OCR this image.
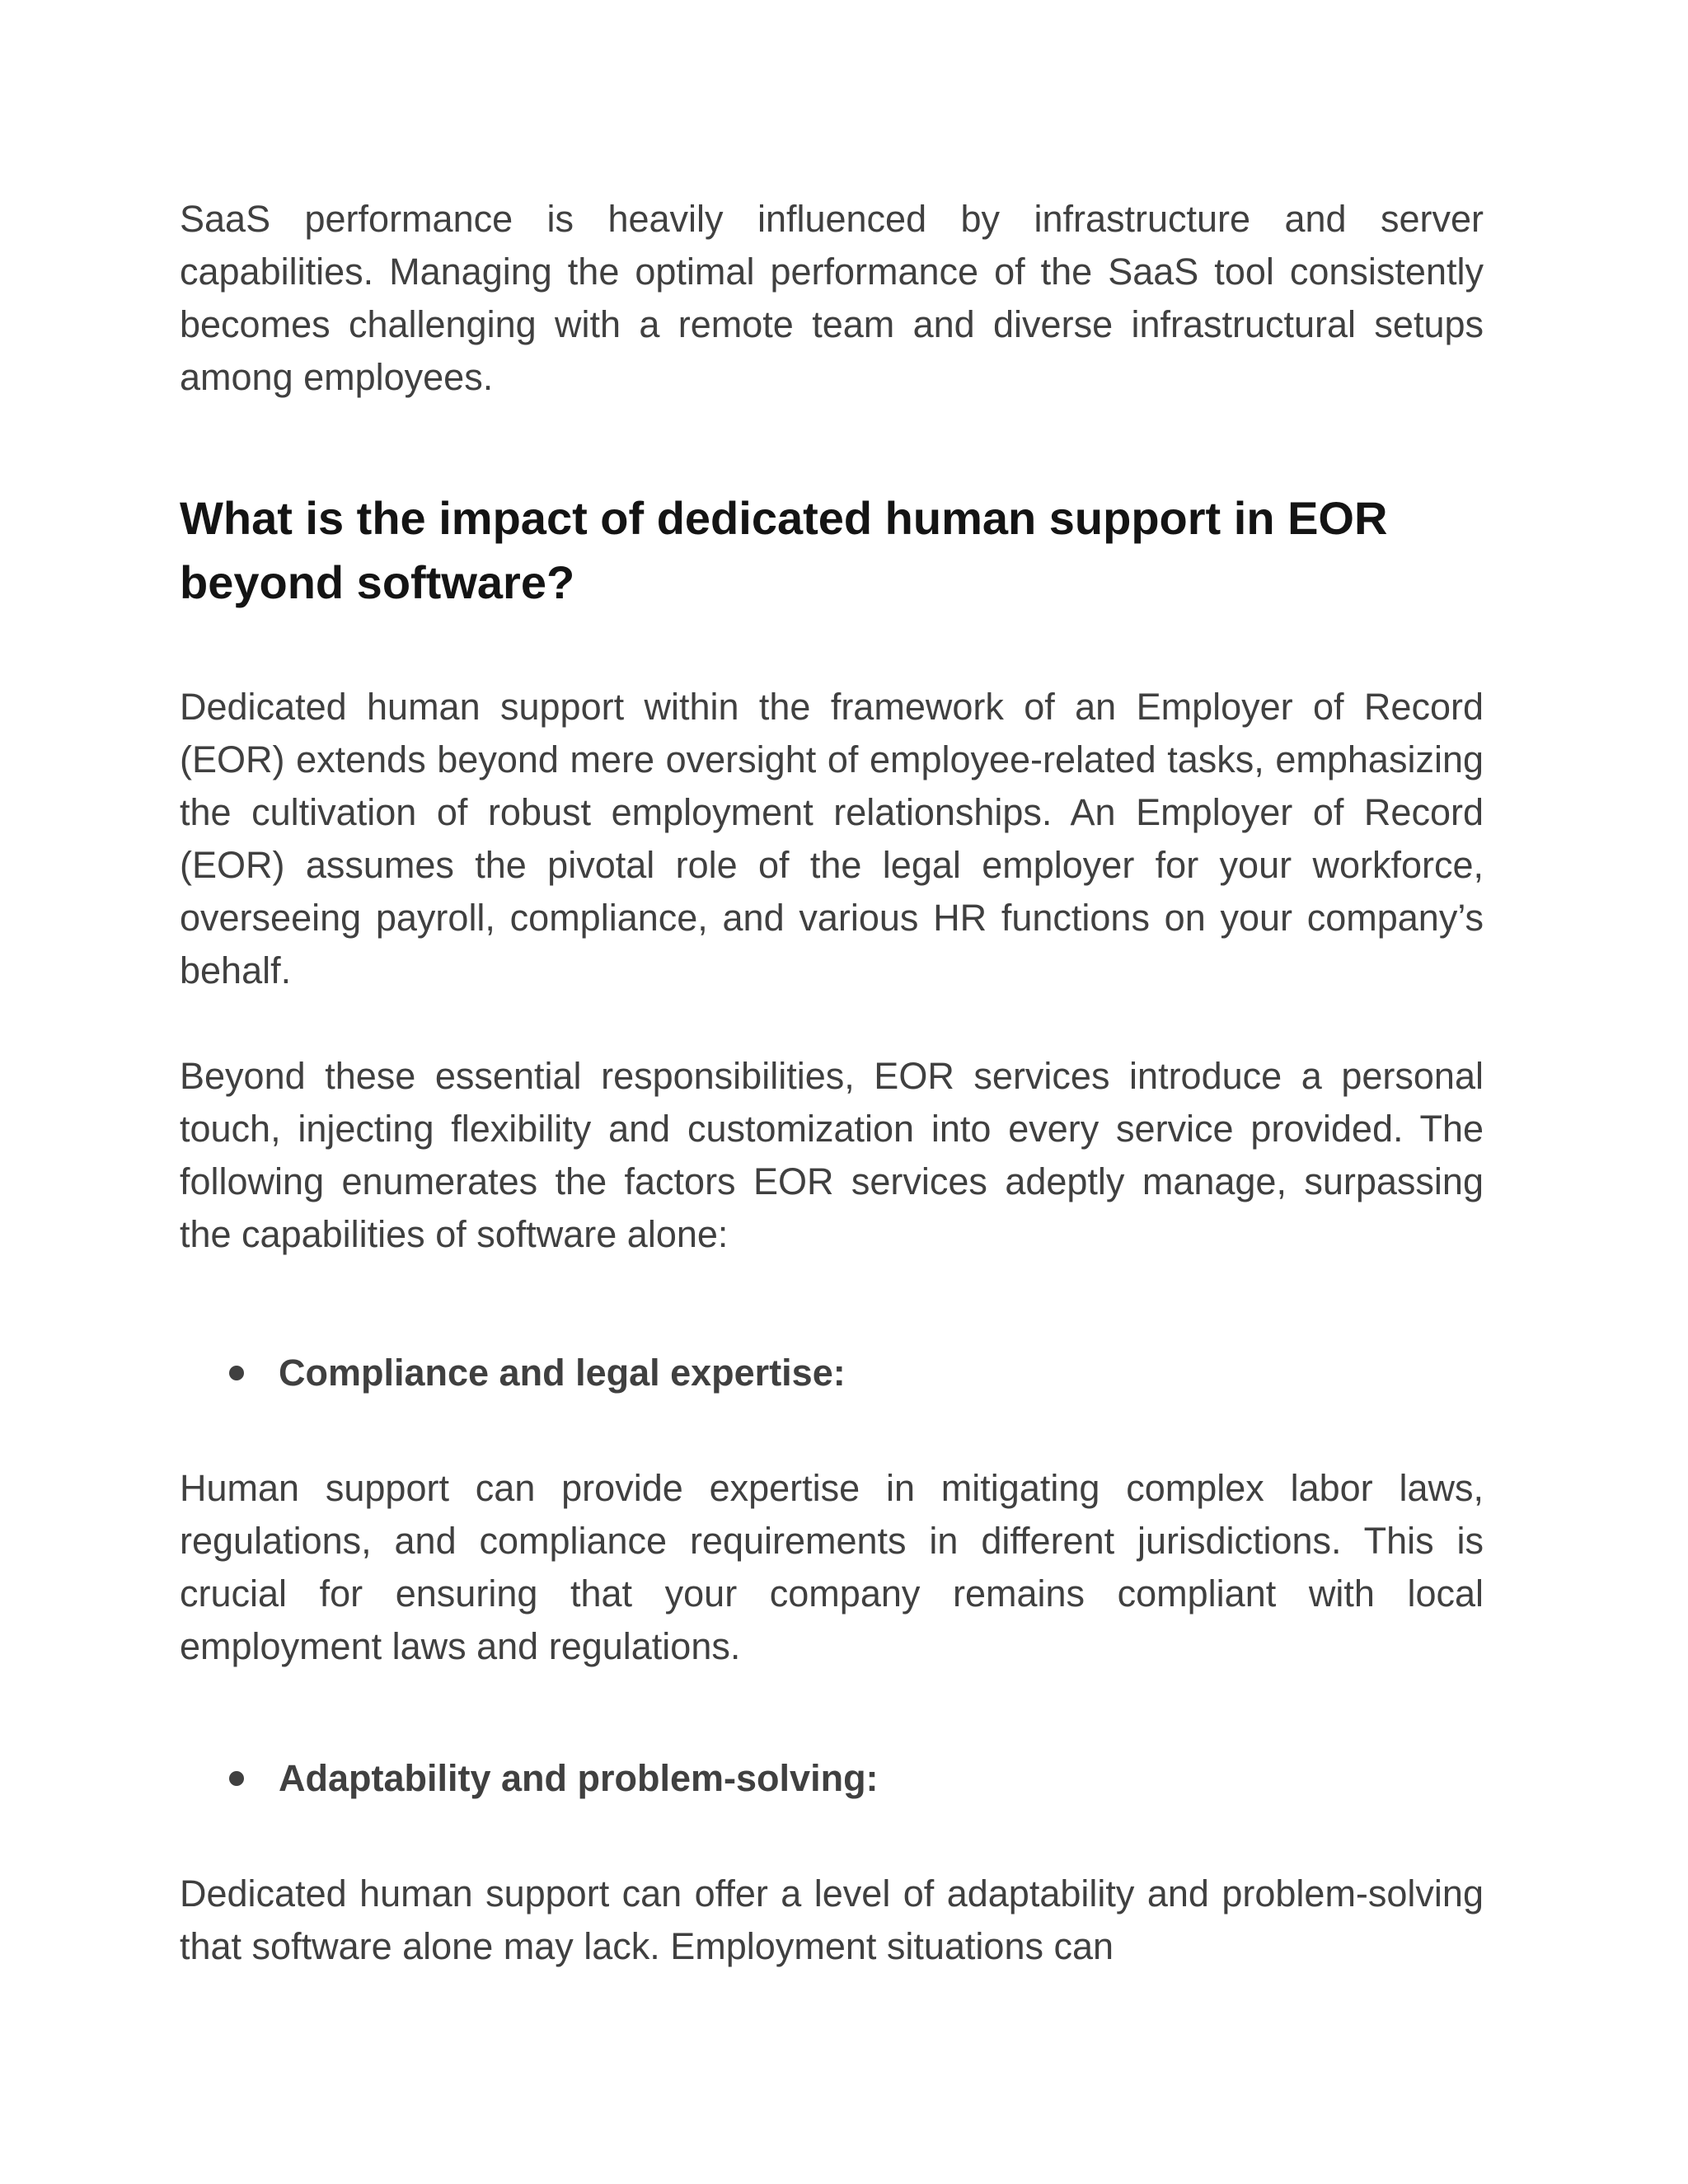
SaaS performance is heavily influenced by infrastructure and server capabilities. Managing the optimal performance of the SaaS tool consistently becomes challenging with a remote team and diverse infrastructural setups among employees.

What is the impact of dedicated human support in EOR beyond software?

Dedicated human support within the framework of an Employer of Record (EOR) extends beyond mere oversight of employee-related tasks, emphasizing the cultivation of robust employment relationships. An Employer of Record (EOR) assumes the pivotal role of the legal employer for your workforce, overseeing payroll, compliance, and various HR functions on your company’s behalf.

Beyond these essential responsibilities, EOR services introduce a personal touch, injecting flexibility and customization into every service provided. The following enumerates the factors EOR services adeptly manage, surpassing the capabilities of software alone:

Compliance and legal expertise:

Human support can provide expertise in mitigating complex labor laws, regulations, and compliance requirements in different jurisdictions. This is crucial for ensuring that your company remains compliant with local employment laws and regulations.

Adaptability and problem-solving:

Dedicated human support can offer a level of adaptability and problem-solving that software alone may lack. Employment situations can
